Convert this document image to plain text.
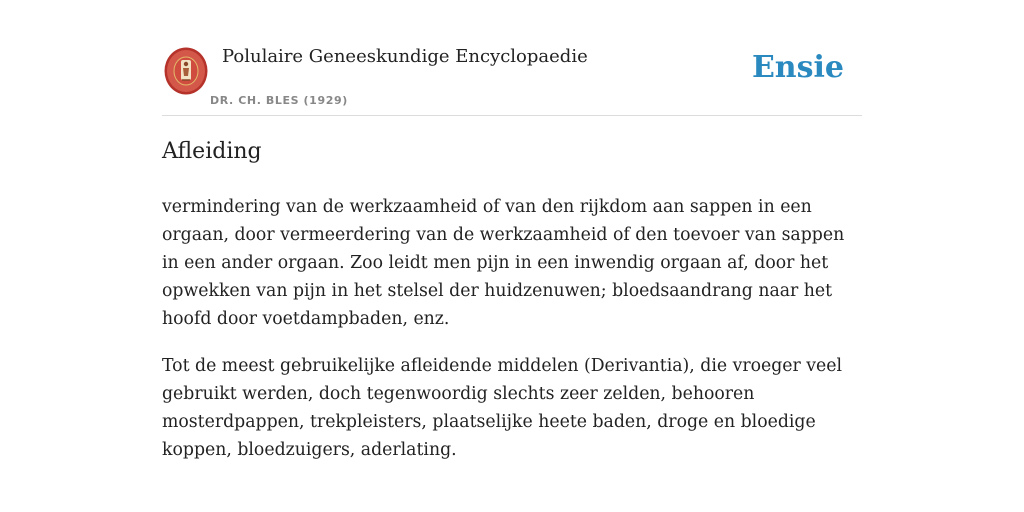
Polulaire Geneeskundige Encyclopaedie
DR. CH. BLES (1929)
Ensie
Afleiding

vermindering van de werkzaamheid of van den rijkdom aan sappen in een orgaan, door vermeerdering van de werkzaamheid of den toevoer van sappen in een ander orgaan. Zoo leidt men pijn in een inwendig orgaan af, door het opwekken van pijn in het stelsel der huidzenuwen; bloedsaandrang naar het hoofd door voetdampbaden, enz.

Tot de meest gebruikelijke afleidende middelen (Derivantia), die vroeger veel gebruikt werden, doch tegenwoordig slechts zeer zelden, behooren mosterdpappen, trekpleisters, plaatselijke heete baden, droge en bloedige koppen, bloedzuigers, aderlating.
